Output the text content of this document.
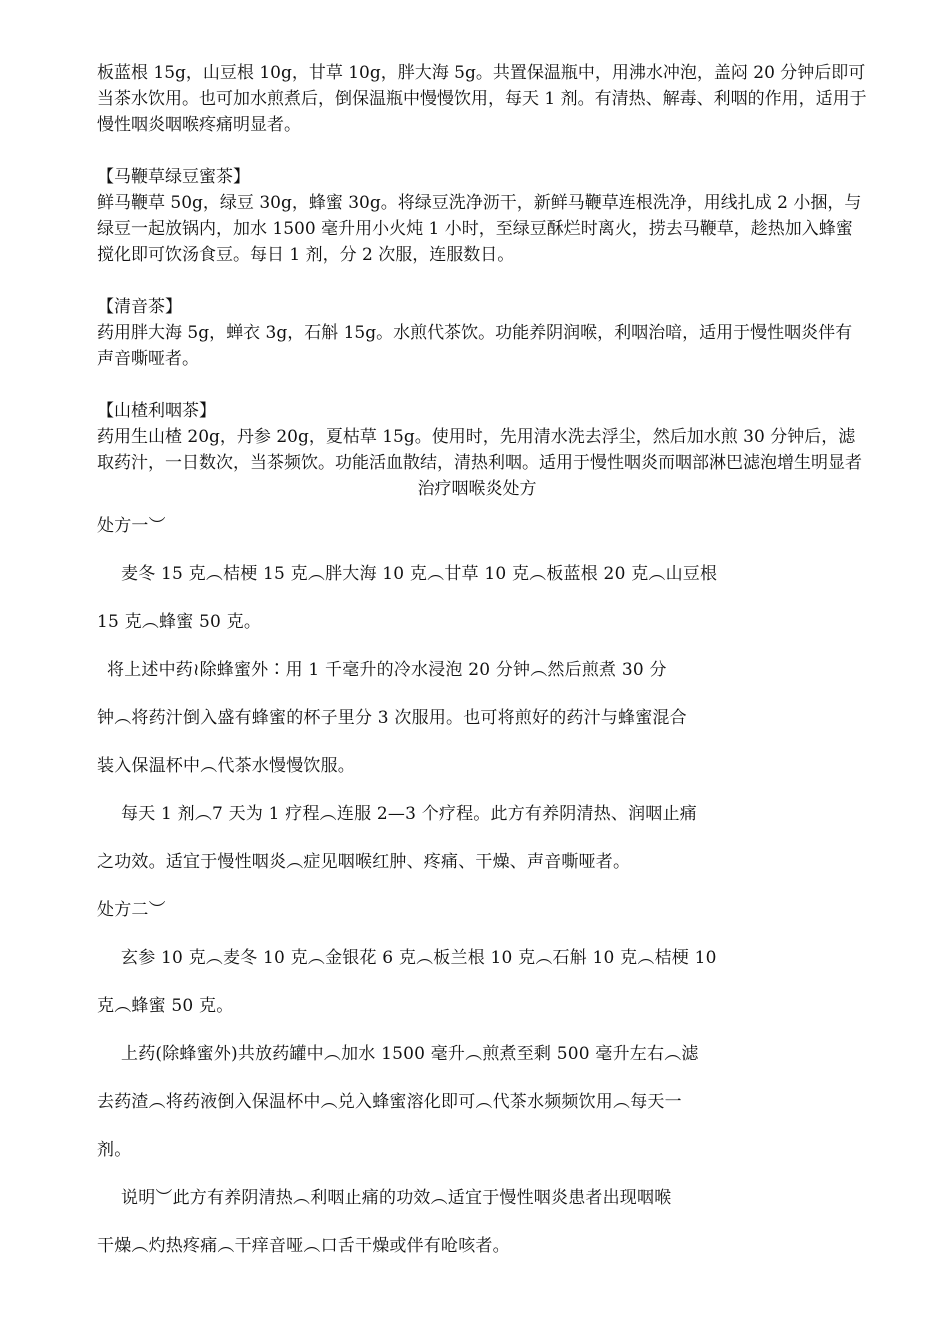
板蓝根 15g，山豆根 10g，甘草 10g，胖大海 5g。共置保温瓶中，用沸水冲泡，盖闷 20 分钟后即可当茶水饮用。也可加水煎煮后，倒保温瓶中慢慢饮用，每天 1 剂。有清热、解毒、利咽的作用，适用于慢性咽炎咽喉疼痛明显者。

【马鞭草绿豆蜜茶】

鲜马鞭草 50g，绿豆 30g，蜂蜜 30g。将绿豆洗净沥干，新鲜马鞭草连根洗净，用线扎成 2 小捆，与绿豆一起放锅内，加水 1500 毫升用小火炖 1 小时，至绿豆酥烂时离火，捞去马鞭草，趁热加入蜂蜜搅化即可饮汤食豆。每日 1 剂，分 2 次服，连服数日。

【清音茶】

药用胖大海 5g，蝉衣 3g，石斛 15g。水煎代茶饮。功能养阴润喉，利咽治喑，适用于慢性咽炎伴有声音嘶哑者。

【山楂利咽茶】

药用生山楂 20g，丹参 20g，夏枯草 15g。使用时，先用清水洗去浮尘，然后加水煎 30 分钟后，滤取药汁，一日数次，当茶频饮。功能活血散结，清热利咽。适用于慢性咽炎而咽部淋巴滤泡增生明显者

治疗咽喉炎处方

处方一︶

麦冬 15 克︵桔梗 15 克︵胖大海 10 克︵甘草 10 克︵板蓝根 20 克︵山豆根

15 克︵蜂蜜 50 克。

将上述中药≀除蜂蜜外∶用 1 千毫升的冷水浸泡 20 分钟︵然后煎煮 30 分

钟︵将药汁倒入盛有蜂蜜的杯子里分 3 次服用。也可将煎好的药汁与蜂蜜混合

装入保温杯中︵代茶水慢慢饮服。

每天 1 剂︵7 天为 1 疗程︵连服 2—3 个疗程。此方有养阴清热、润咽止痛

之功效。适宜于慢性咽炎︵症见咽喉红肿、疼痛、干燥、声音嘶哑者。

处方二︶

玄参 10 克︵麦冬 10 克︵金银花 6 克︵板兰根 10 克︵石斛 10 克︵桔梗 10

克︵蜂蜜 50 克。

上药(除蜂蜜外)共放药罐中︵加水 1500 毫升︵煎煮至剩 500 毫升左右︵滤

去药渣︵将药液倒入保温杯中︵兑入蜂蜜溶化即可︵代茶水频频饮用︵每天一

剂。

说明︶此方有养阴清热︵利咽止痛的功效︵适宜于慢性咽炎患者出现咽喉

干燥︵灼热疼痛︵干痒音哑︵口舌干燥或伴有呛咳者。
